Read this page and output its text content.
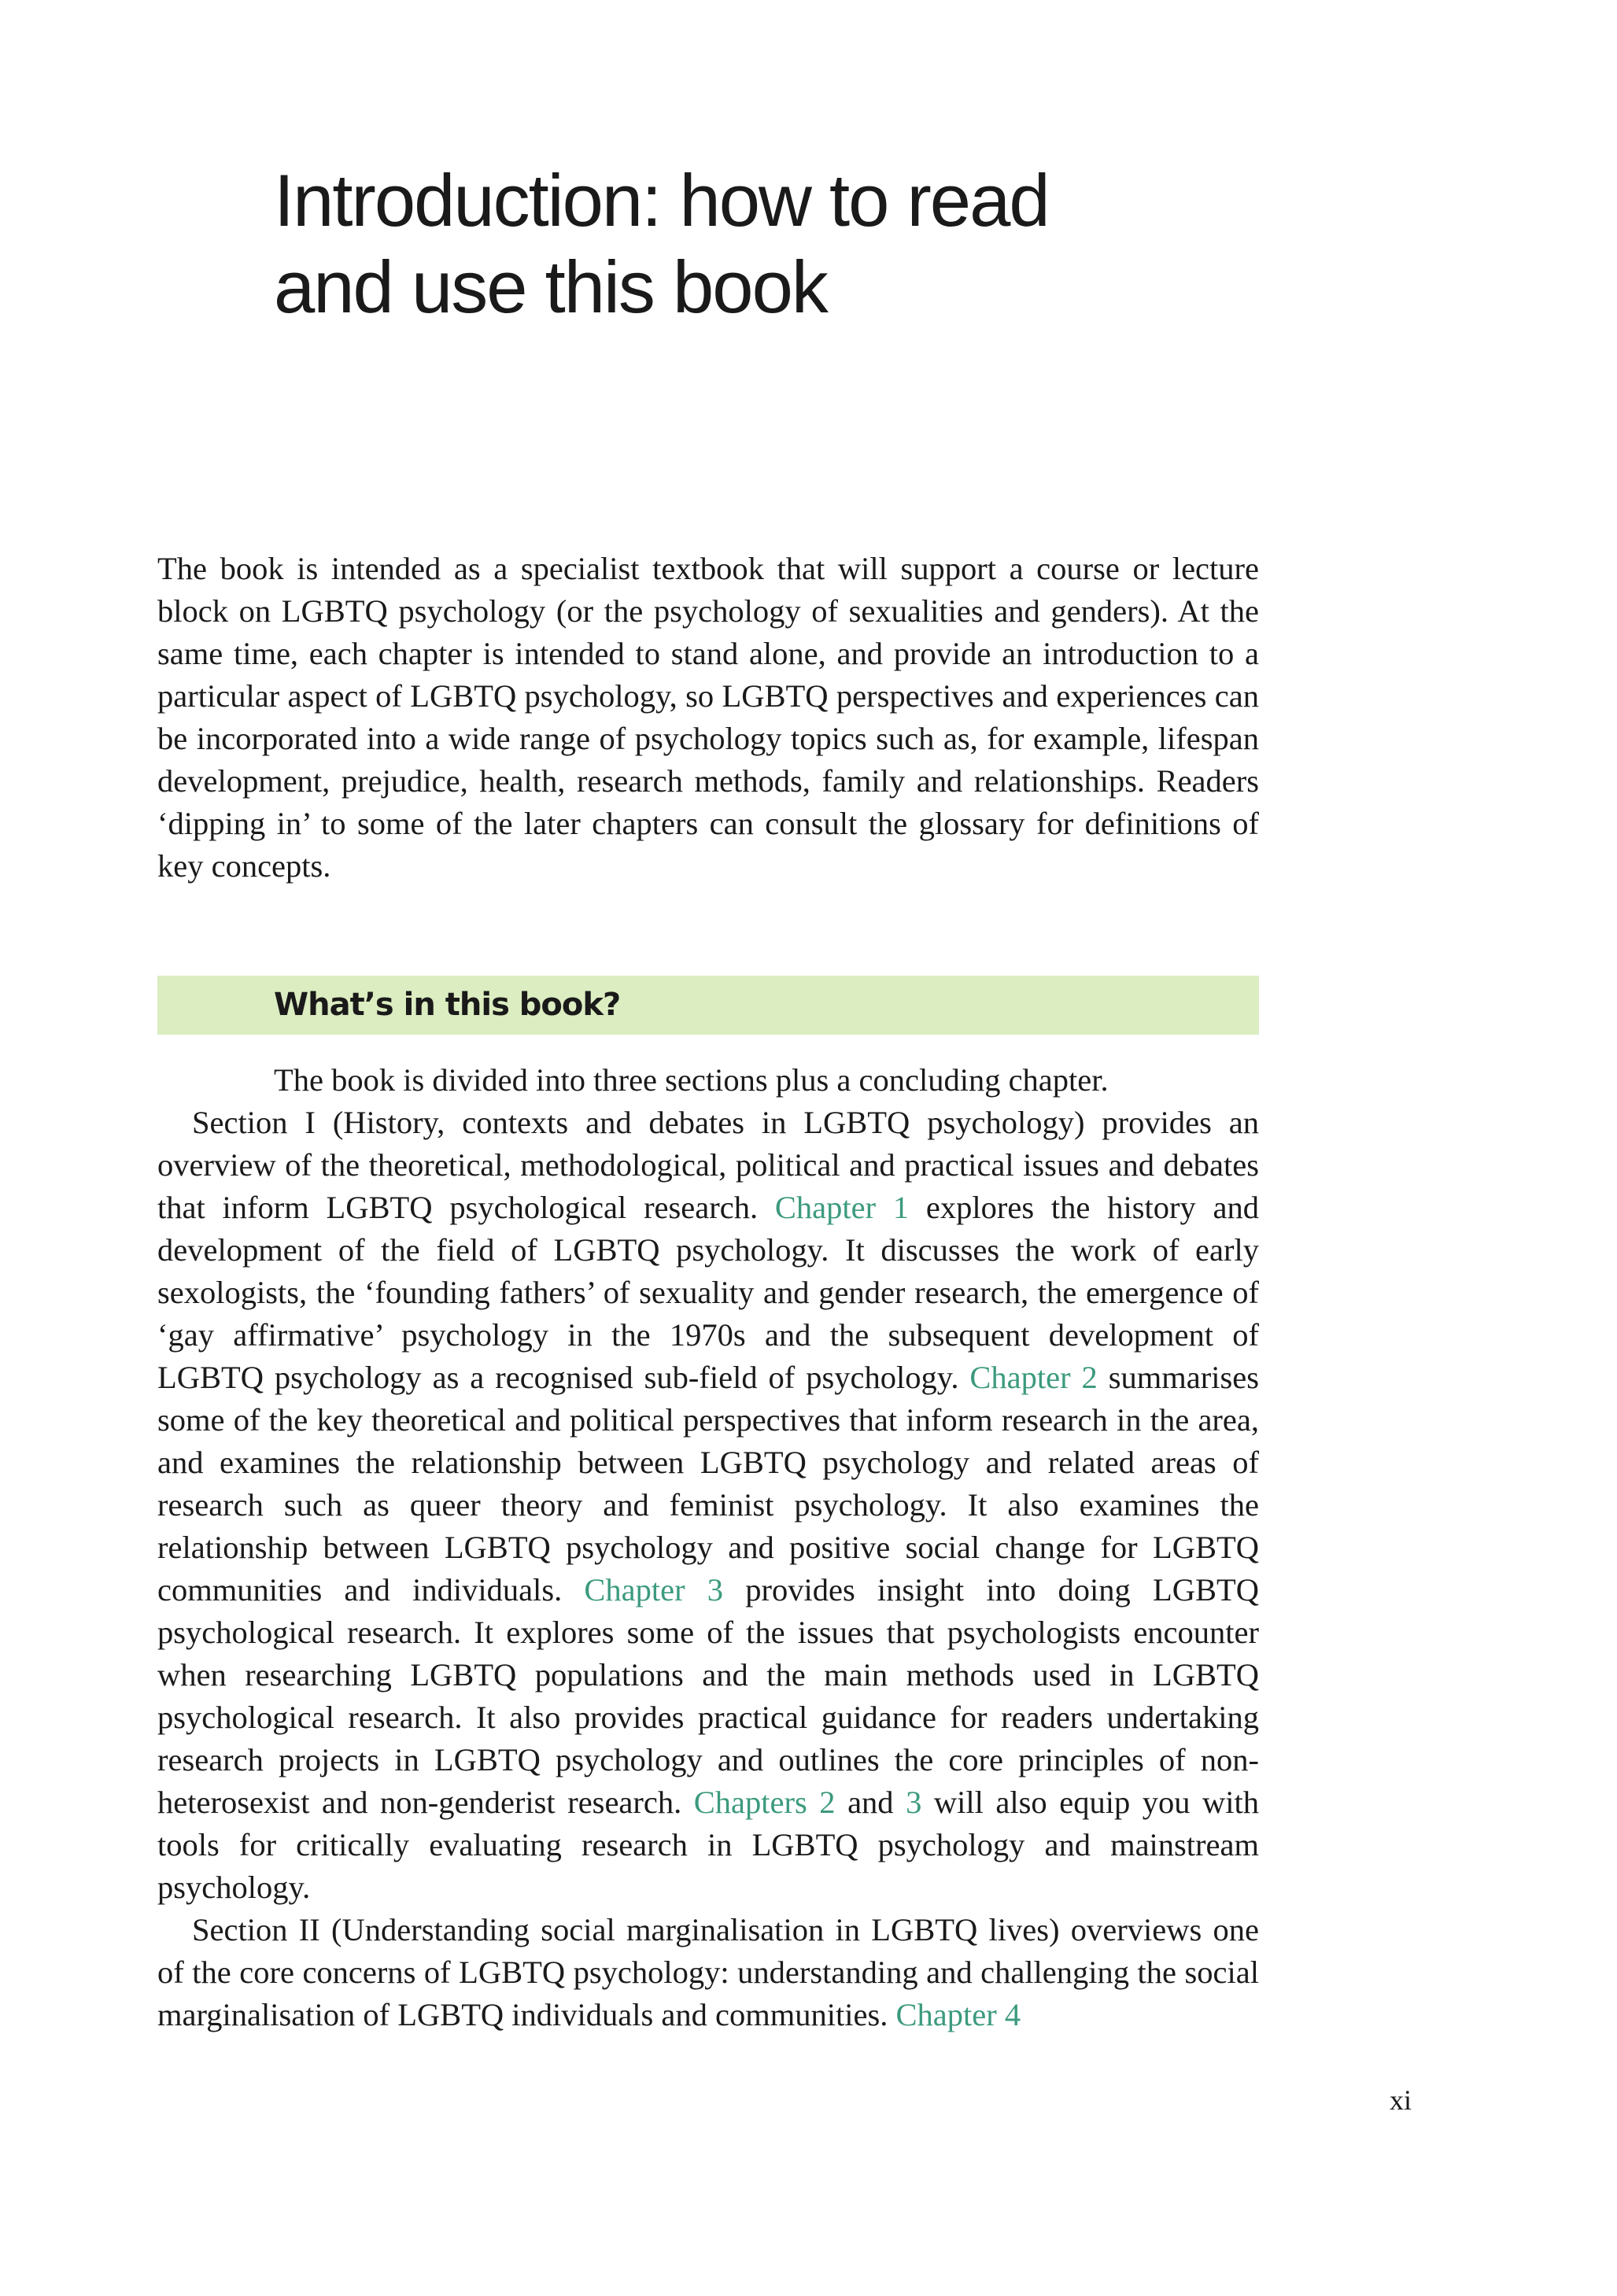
Introduction: how to read
and use this book

The book is intended as a specialist textbook that will support a course or lecture block on LGBTQ psychology (or the psychology of sexualities and genders). At the same time, each chapter is intended to stand alone, and provide an introduction to a particular aspect of LGBTQ psychology, so LGBTQ perspectives and experiences can be incorporated into a wide range of psychology topics such as, for example, lifespan development, prejudice, health, research methods, family and relationships. Readers ‘dipping in’ to some of the later chapters can consult the glossary for definitions of key concepts.

What’s in this book?

The book is divided into three sections plus a concluding chapter.

Section I (History, contexts and debates in LGBTQ psychology) provides an overview of the theoretical, methodological, political and practical issues and debates that inform LGBTQ psychological research. Chapter 1 explores the history and development of the field of LGBTQ psychology. It discusses the work of early sexologists, the ‘founding fathers’ of sexuality and gender research, the emergence of ‘gay affirmative’ psychology in the 1970s and the subsequent development of LGBTQ psychology as a recognised sub-field of psychology. Chapter 2 summarises some of the key theoretical and political perspectives that inform research in the area, and examines the relationship between LGBTQ psychology and related areas of research such as queer theory and feminist psychology. It also examines the relationship between LGBTQ psychology and positive social change for LGBTQ communities and individuals. Chapter 3 provides insight into doing LGBTQ psychological research. It explores some of the issues that psychologists encounter when researching LGBTQ populations and the main methods used in LGBTQ psychological research. It also provides practical guidance for readers undertaking research projects in LGBTQ psychology and outlines the core principles of non-heterosexist and non-genderist research. Chapters 2 and 3 will also equip you with tools for critically evaluating research in LGBTQ psychology and mainstream psychology.

Section II (Understanding social marginalisation in LGBTQ lives) overviews one of the core concerns of LGBTQ psychology: understanding and challenging the social marginalisation of LGBTQ individuals and communities. Chapter 4

xi
